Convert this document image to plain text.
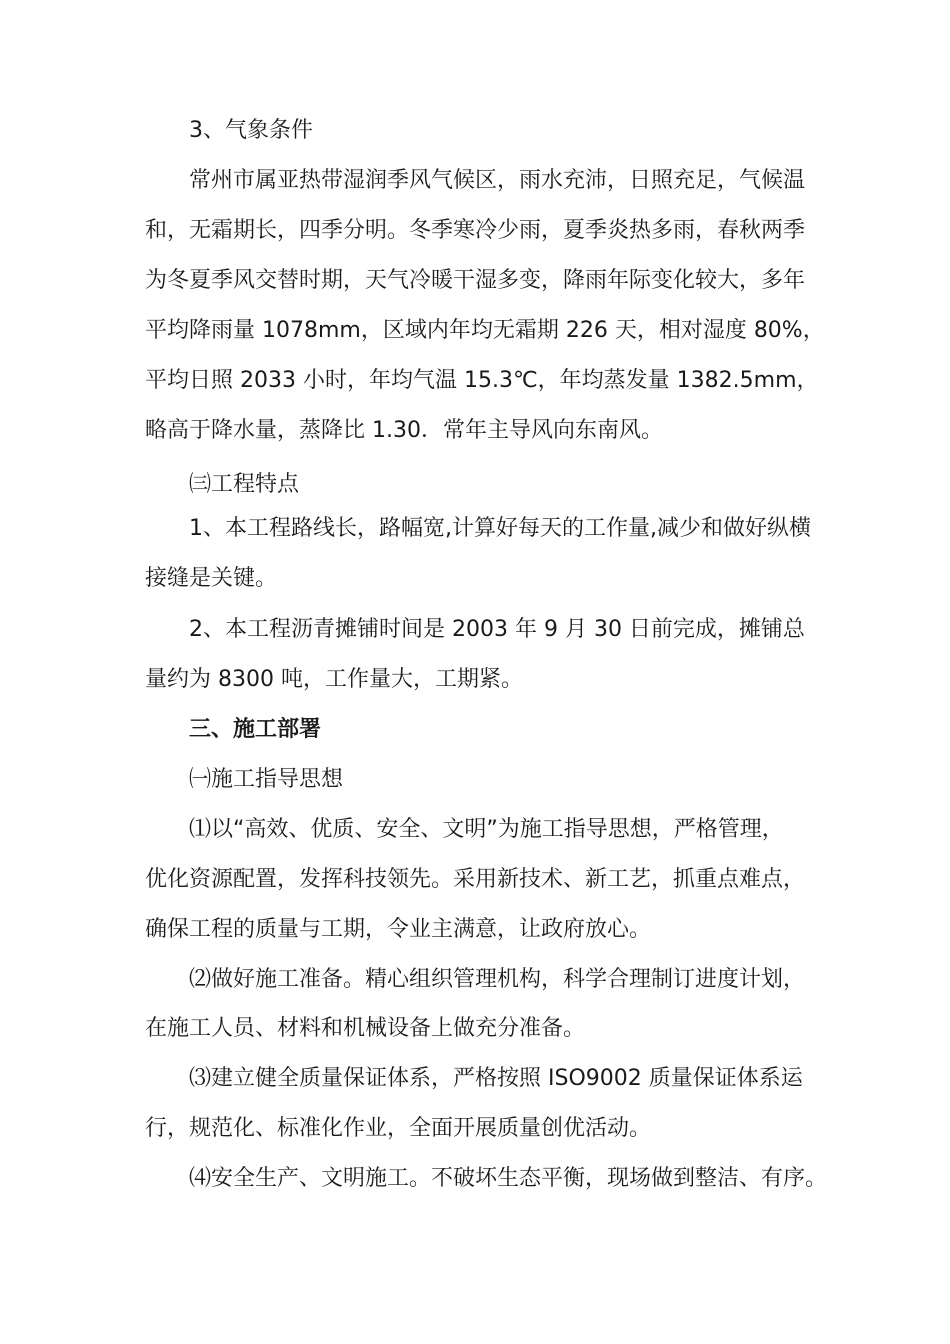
3、气象条件
常州市属亚热带湿润季风气候区，雨水充沛，日照充足，气候温
和，无霜期长，四季分明。冬季寒冷少雨，夏季炎热多雨，春秋两季
为冬夏季风交替时期，天气冷暖干湿多变，降雨年际变化较大，多年
平均降雨量 1078mm，区域内年均无霜期 226 天，相对湿度 80%，
平均日照 2033 小时，年均气温 15.3℃，年均蒸发量 1382.5mm，
略高于降水量，蒸降比 1.30．常年主导风向东南风。
㈢工程特点
1、本工程路线长，路幅宽,计算好每天的工作量,减少和做好纵横
接缝是关键。
2、本工程沥青摊铺时间是 2003 年 9 月 30 日前完成，摊铺总
量约为 8300 吨，工作量大，工期紧。
三、施工部署
㈠施工指导思想
⑴以“高效、优质、安全、文明”为施工指导思想，严格管理，
优化资源配置，发挥科技领先。采用新技术、新工艺，抓重点难点，
确保工程的质量与工期，令业主满意，让政府放心。
⑵做好施工准备。精心组织管理机构，科学合理制订进度计划，
在施工人员、材料和机械设备上做充分准备。
⑶建立健全质量保证体系，严格按照 ISO9002 质量保证体系运
行，规范化、标准化作业，全面开展质量创优活动。
⑷安全生产、文明施工。不破坏生态平衡，现场做到整洁、有序。
